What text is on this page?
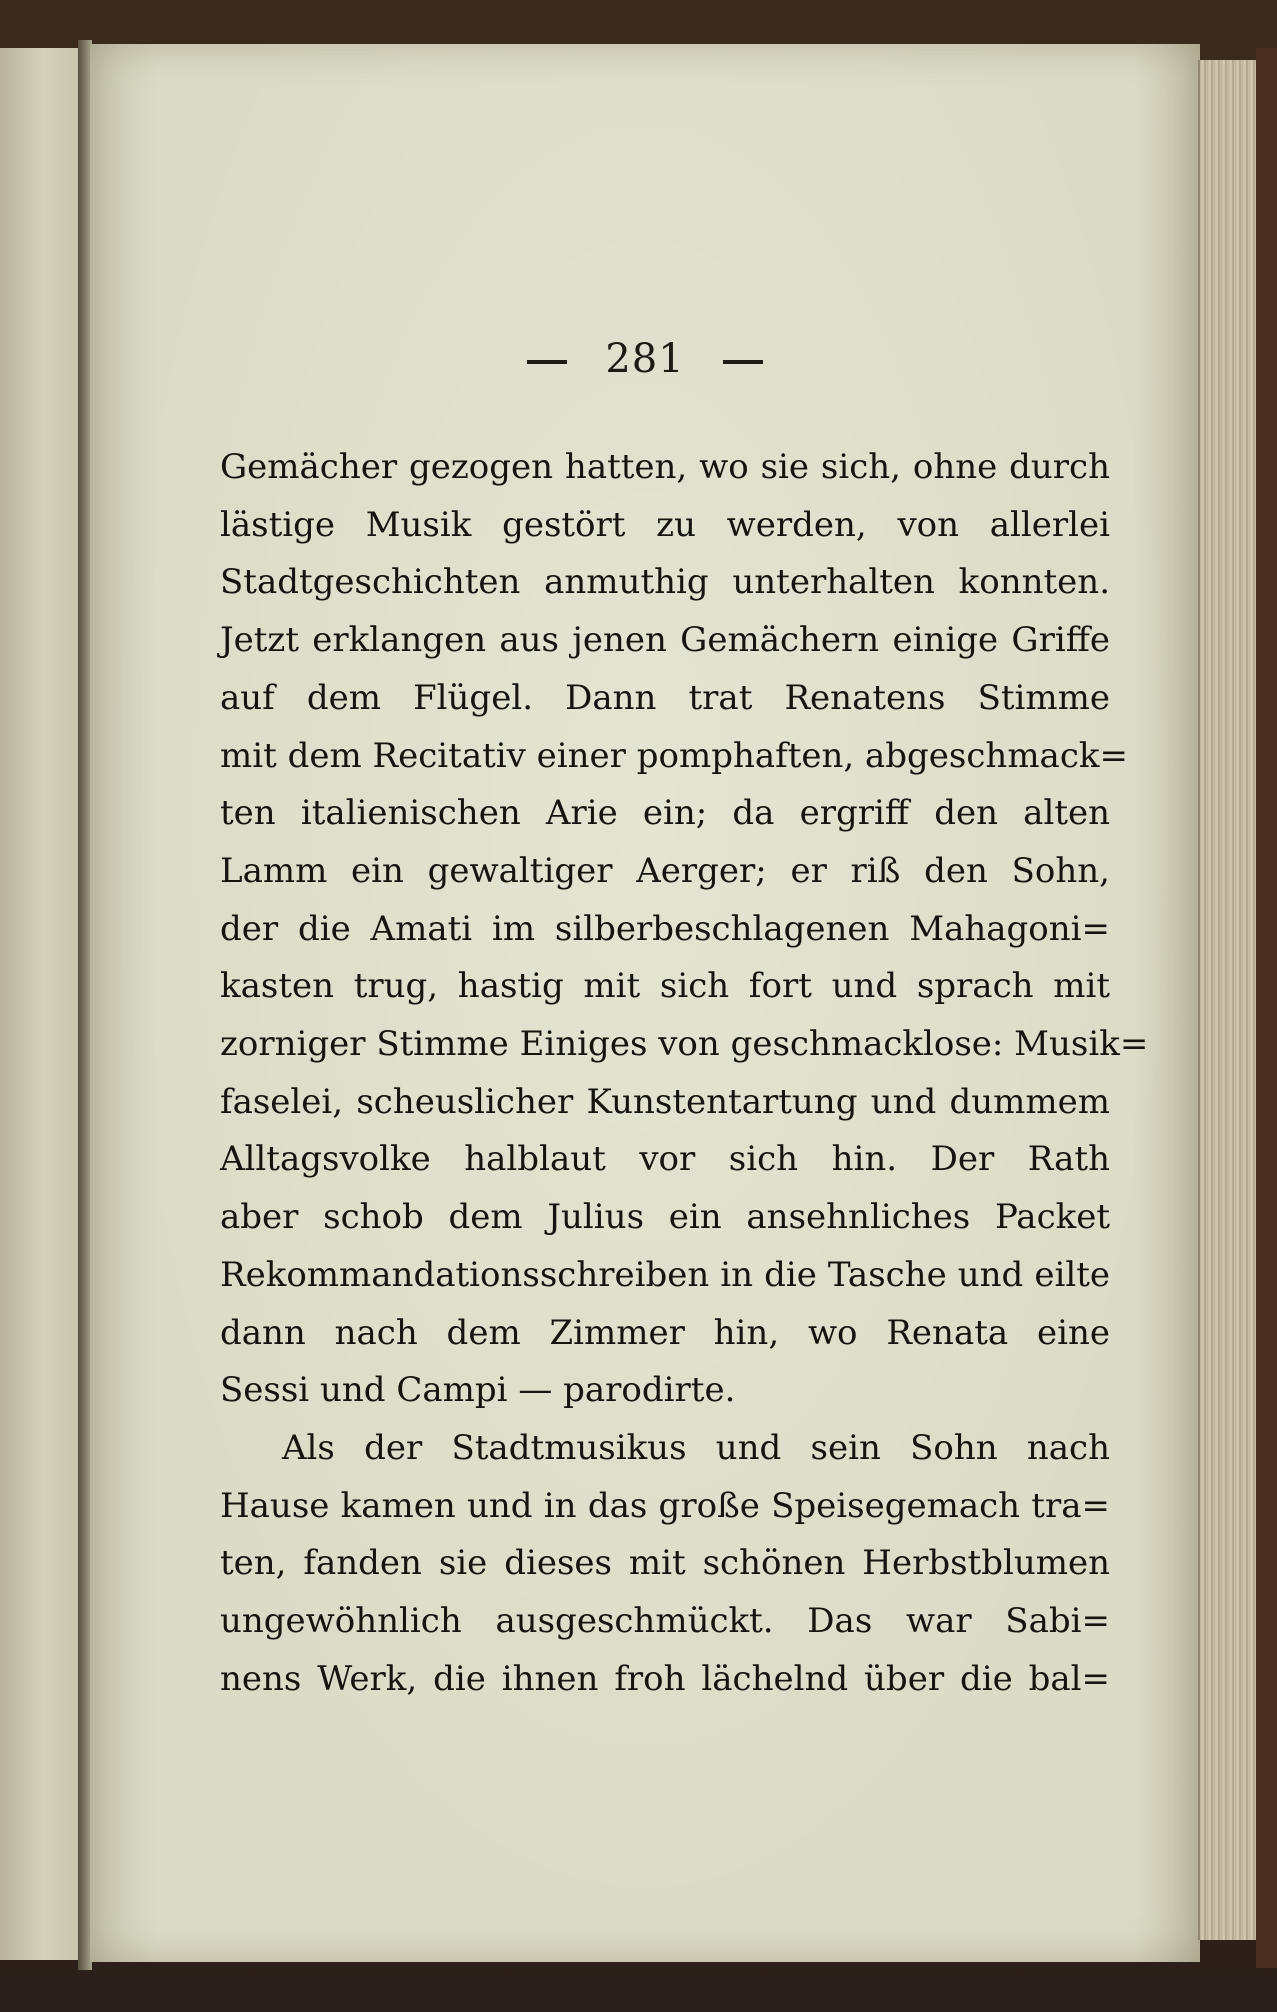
281
Gemächer gezogen hatten, wo sie sich, ohne durch
lästige Musik gestört zu werden, von allerlei
Stadtgeschichten anmuthig unterhalten konnten.
Jetzt erklangen aus jenen Gemächern einige Griffe
auf dem Flügel. Dann trat Renatens Stimme
mit dem Recitativ einer pomphaften, abgeschmack=
ten italienischen Arie ein; da ergriff den alten
Lamm ein gewaltiger Aerger; er riß den Sohn,
der die Amati im silberbeschlagenen Mahagoni=
kasten trug, hastig mit sich fort und sprach mit
zorniger Stimme Einiges von geschmacklose: Musik=
faselei, scheuslicher Kunstentartung und dummem
Alltagsvolke halblaut vor sich hin. Der Rath
aber schob dem Julius ein ansehnliches Packet
Rekommandationsschreiben in die Tasche und eilte
dann nach dem Zimmer hin, wo Renata eine
Sessi und Campi — parodirte.
Als der Stadtmusikus und sein Sohn nach
Hause kamen und in das große Speisegemach tra=
ten, fanden sie dieses mit schönen Herbstblumen
ungewöhnlich ausgeschmückt. Das war Sabi=
nens Werk, die ihnen froh lächelnd über die bal=
